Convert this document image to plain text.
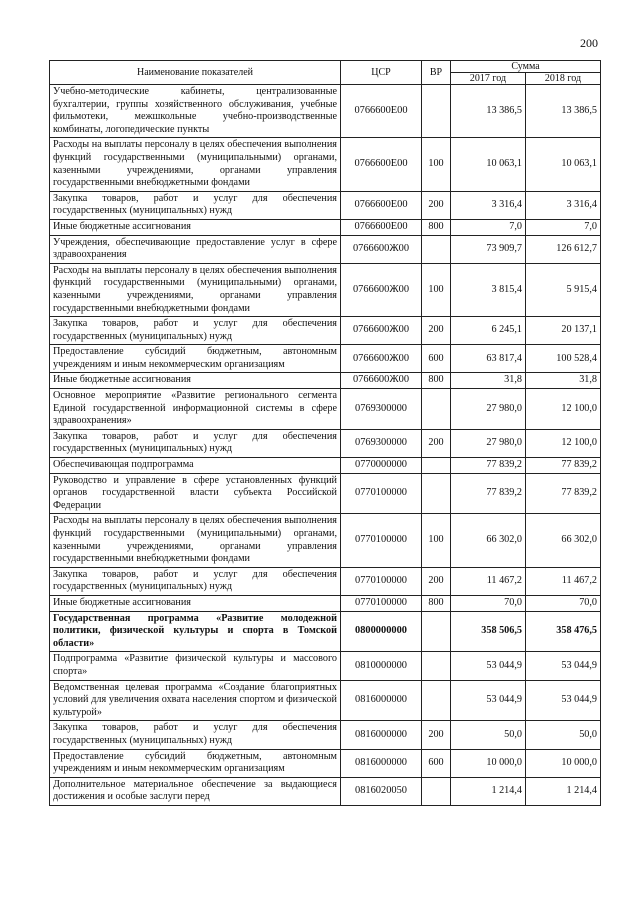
200
Наименование показателей	ЦСР	ВР	Сумма	
			2017 год	2018 год
Учебно-методические кабинеты, централизованные бухгалтерии, группы хозяйственного обслуживания, учебные фильмотеки, межшкольные учебно-производственные комбинаты, логопедические пункты	0766600Е00		13 386,5	13 386,5
Расходы на выплаты персоналу в целях обеспечения выполнения функций государственными (муниципальными) органами, казенными учреждениями, органами управления государственными внебюджетными фондами	0766600Е00	100	10 063,1	10 063,1
Закупка товаров, работ и услуг для обеспечения государственных (муниципальных) нужд	0766600Е00	200	3 316,4	3 316,4
Иные бюджетные ассигнования	0766600Е00	800	7,0	7,0
Учреждения, обеспечивающие предоставление услуг в сфере здравоохранения	0766600Ж00		73 909,7	126 612,7
Расходы на выплаты персоналу в целях обеспечения выполнения функций государственными (муниципальными) органами, казенными учреждениями, органами управления государственными внебюджетными фондами	0766600Ж00	100	3 815,4	5 915,4
Закупка товаров, работ и услуг для обеспечения государственных (муниципальных) нужд	0766600Ж00	200	6 245,1	20 137,1
Предоставление субсидий бюджетным, автономным учреждениям и иным некоммерческим организациям	0766600Ж00	600	63 817,4	100 528,4
Иные бюджетные ассигнования	0766600Ж00	800	31,8	31,8
Основное мероприятие «Развитие регионального сегмента Единой государственной информационной системы в сфере здравоохранения»	0769300000		27 980,0	12 100,0
Закупка товаров, работ и услуг для обеспечения государственных (муниципальных) нужд	0769300000	200	27 980,0	12 100,0
Обеспечивающая подпрограмма	0770000000		77 839,2	77 839,2
Руководство и управление в сфере установленных функций органов государственной власти субъекта Российской Федерации	0770100000		77 839,2	77 839,2
Расходы на выплаты персоналу в целях обеспечения выполнения функций государственными (муниципальными) органами, казенными учреждениями, органами управления государственными внебюджетными фондами	0770100000	100	66 302,0	66 302,0
Закупка товаров, работ и услуг для обеспечения государственных (муниципальных) нужд	0770100000	200	11 467,2	11 467,2
Иные бюджетные ассигнования	0770100000	800	70,0	70,0
Государственная программа «Развитие молодежной политики, физической культуры и спорта в Томской области»	0800000000		358 506,5	358 476,5
Подпрограмма «Развитие физической культуры и массового спорта»	0810000000		53 044,9	53 044,9
Ведомственная целевая программа «Создание благоприятных условий для увеличения охвата населения спортом и физической культурой»	0816000000		53 044,9	53 044,9
Закупка товаров, работ и услуг для обеспечения государственных (муниципальных) нужд	0816000000	200	50,0	50,0
Предоставление субсидий бюджетным, автономным учреждениям и иным некоммерческим организациям	0816000000	600	10 000,0	10 000,0
Дополнительное материальное обеспечение за выдающиеся достижения и особые заслуги перед	0816020050		1 214,4	1 214,4
